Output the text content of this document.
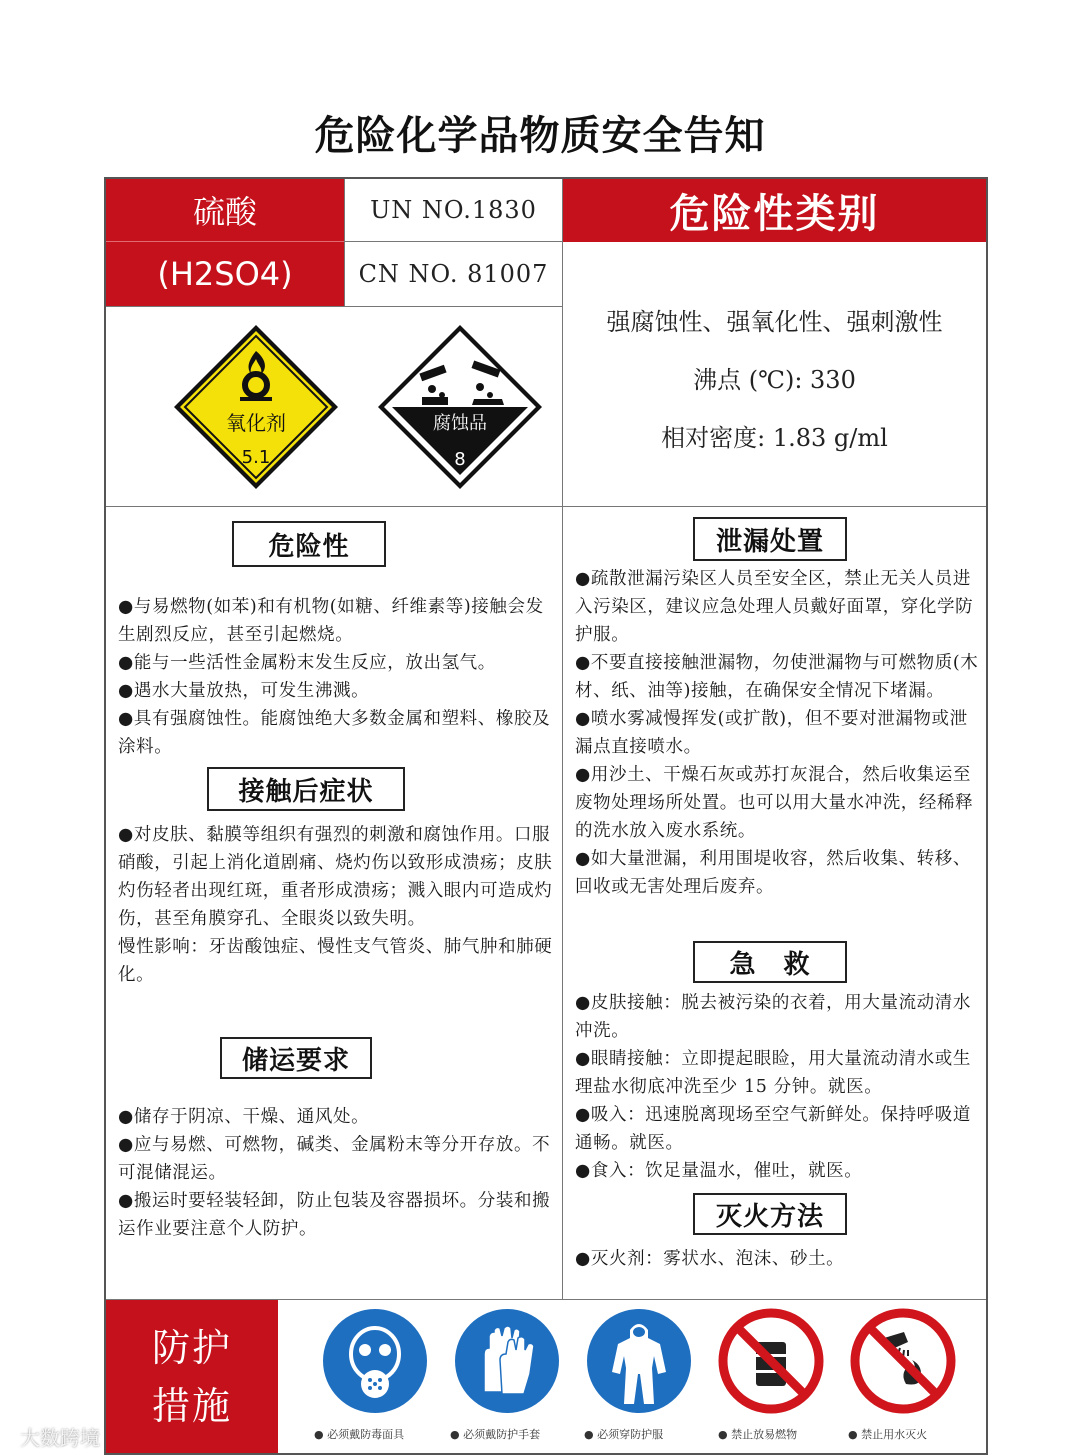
危险化学品物质安全告知
硫酸
(H2SO4)
UN NO.1830
CN NO. 81007
危险性类别
氧化剂
5.1
腐蚀品
8
强腐蚀性、强氧化性、强刺激性
沸点 (℃): 330
相对密度: 1.83 g/ml
危险性

●与易燃物(如苯)和有机物(如糖、纤维素等)接触会发生剧烈反应，甚至引起燃烧。

●能与一些活性金属粉末发生反应，放出氢气。

●遇水大量放热，可发生沸溅。

●具有强腐蚀性。能腐蚀绝大多数金属和塑料、橡胶及涂料。

接触后症状

●对皮肤、黏膜等组织有强烈的刺激和腐蚀作用。口服硝酸，引起上消化道剧痛、烧灼伤以致形成溃疡；皮肤灼伤轻者出现红斑，重者形成溃疡；溅入眼内可造成灼伤，甚至角膜穿孔、全眼炎以致失明。

慢性影响：牙齿酸蚀症、慢性支气管炎、肺气肿和肺硬化。

储运要求

●储存于阴凉、干燥、通风处。

●应与易燃、可燃物，碱类、金属粉末等分开存放。不可混储混运。

●搬运时要轻装轻卸，防止包装及容器损坏。分装和搬运作业要注意个人防护。

泄漏处置

●疏散泄漏污染区人员至安全区，禁止无关人员进入污染区，建议应急处理人员戴好面罩，穿化学防护服。

●不要直接接触泄漏物，勿使泄漏物与可燃物质(木材、纸、油等)接触，在确保安全情况下堵漏。

●喷水雾减慢挥发(或扩散)，但不要对泄漏物或泄漏点直接喷水。

●用沙土、干燥石灰或苏打灰混合，然后收集运至废物处理场所处置。也可以用大量水冲洗，经稀释的洗水放入废水系统。

●如大量泄漏，利用围堤收容，然后收集、转移、回收或无害处理后废弃。

急　救

●皮肤接触：脱去被污染的衣着，用大量流动清水冲洗。

●眼睛接触：立即提起眼睑，用大量流动清水或生理盐水彻底冲洗至少 15 分钟。就医。

●吸入：迅速脱离现场至空气新鲜处。保持呼吸道通畅。就医。

●食入：饮足量温水，催吐，就医。

灭火方法

●灭火剂：雾状水、泡沫、砂土。

防护
措施
● 必须戴防毒面具	● 必须戴防护手套	● 必须穿防护服	● 禁止放易燃物	● 禁止用水灭火
大数跨境
